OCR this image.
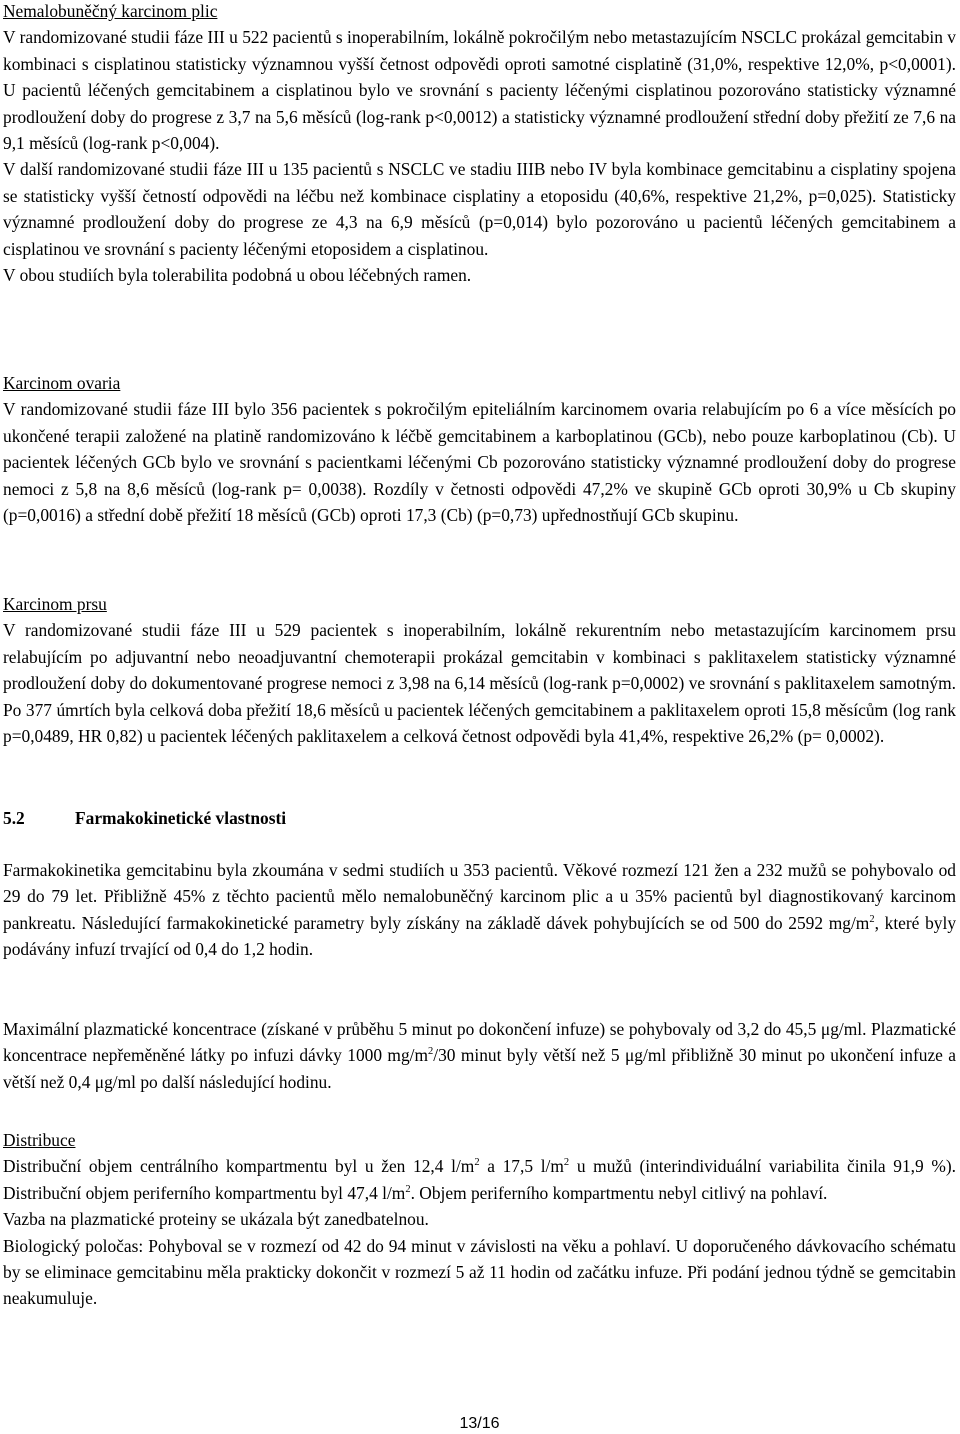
Nemalobuněčný karcinom plic

V randomizované studii fáze III u 522 pacientů s inoperabilním, lokálně pokročilým nebo metastazujícím NSCLC prokázal gemcitabin v kombinaci s cisplatinou statisticky významnou vyšší četnost odpovědi oproti samotné cisplatině (31,0%, respektive 12,0%, p<0,0001). U pacientů léčených gemcitabinem a cisplatinou bylo ve srovnání s pacienty léčenými cisplatinou pozorováno statisticky významné prodloužení doby do progrese z 3,7 na 5,6 měsíců (log-rank p<0,0012) a statisticky významné prodloužení střední doby přežití ze 7,6 na 9,1 měsíců (log-rank p<0,004).

V další randomizované studii fáze III u 135 pacientů s NSCLC ve stadiu IIIB nebo IV byla kombinace gemcitabinu a cisplatiny spojena se statisticky vyšší četností odpovědi na léčbu než kombinace cisplatiny a etoposidu (40,6%, respektive 21,2%, p=0,025). Statisticky významné prodloužení doby do progrese ze 4,3 na 6,9 měsíců (p=0,014) bylo pozorováno u pacientů léčených gemcitabinem a cisplatinou ve srovnání s pacienty léčenými etoposidem a cisplatinou.

V obou studiích byla tolerabilita podobná u obou léčebných ramen.

Karcinom ovaria

V randomizované studii fáze III bylo 356 pacientek s pokročilým epiteliálním karcinomem ovaria relabujícím po 6 a více měsících po ukončené terapii založené na platině randomizováno k léčbě gemcitabinem a karboplatinou (GCb), nebo pouze karboplatinou (Cb). U pacientek léčených GCb bylo ve srovnání s pacientkami léčenými Cb pozorováno statisticky významné prodloužení doby do progrese nemoci z 5,8 na 8,6 měsíců (log-rank p= 0,0038). Rozdíly v četnosti odpovědi 47,2% ve skupině GCb oproti 30,9% u Cb skupiny (p=0,0016) a střední době přežití 18 měsíců (GCb) oproti 17,3 (Cb) (p=0,73) upřednostňují GCb skupinu.

Karcinom prsu

V randomizované studii fáze III u 529 pacientek s inoperabilním, lokálně rekurentním nebo metastazujícím karcinomem prsu relabujícím po adjuvantní nebo neoadjuvantní chemoterapii prokázal gemcitabin v kombinaci s paklitaxelem statisticky významné prodloužení doby do dokumentované progrese nemoci z 3,98 na 6,14 měsíců (log-rank p=0,0002) ve srovnání s paklitaxelem samotným. Po 377 úmrtích byla celková doba přežití 18,6 měsíců u pacientek léčených gemcitabinem a paklitaxelem oproti 15,8 měsícům (log rank p=0,0489, HR 0,82) u pacientek léčených paklitaxelem a celková četnost odpovědi byla 41,4%, respektive 26,2% (p= 0,0002).

5.2	Farmakokinetické vlastnosti

Farmakokinetika gemcitabinu byla zkoumána v sedmi studiích u 353 pacientů. Věkové rozmezí 121 žen a 232 mužů se pohybovalo od 29 do 79 let. Přibližně 45% z těchto pacientů mělo nemalobuněčný karcinom plic a u 35% pacientů byl diagnostikovaný karcinom pankreatu. Následující farmakokinetické parametry byly získány na základě dávek pohybujících se od 500 do 2592 $mg/m^2$, které byly podávány infuzí trvající od 0,4 do 1,2 hodin.

Maximální plazmatické koncentrace (získané v průběhu 5 minut po dokončení infuze) se pohybovaly od 3,2 do 45,5 μg/ml. Plazmatické koncentrace nepřeměněné látky po infuzi dávky 1000 $mg/m^2/30$ minut byly větší než 5 μg/ml přibližně 30 minut po ukončení infuze a větší než 0,4 μg/ml po další následující hodinu.

Distribuce

Distribuční objem centrálního kompartmentu byl u žen 12,4 $l/m^2$ a 17,5 $l/m^2$ u mužů (interindividuální variabilita činila 91,9 %). Distribuční objem periferního kompartmentu byl 47,4 $l/m^2$. Objem periferního kompartmentu nebyl citlivý na pohlaví.

Vazba na plazmatické proteiny se ukázala být zanedbatelnou.

Biologický poločas: Pohyboval se v rozmezí od 42 do 94 minut v závislosti na věku a pohlaví. U doporučeného dávkovacího schématu by se eliminace gemcitabinu měla prakticky dokončit v rozmezí 5 až 11 hodin od začátku infuze. Při podání jednou týdně se gemcitabin neakumuluje.

13/16
